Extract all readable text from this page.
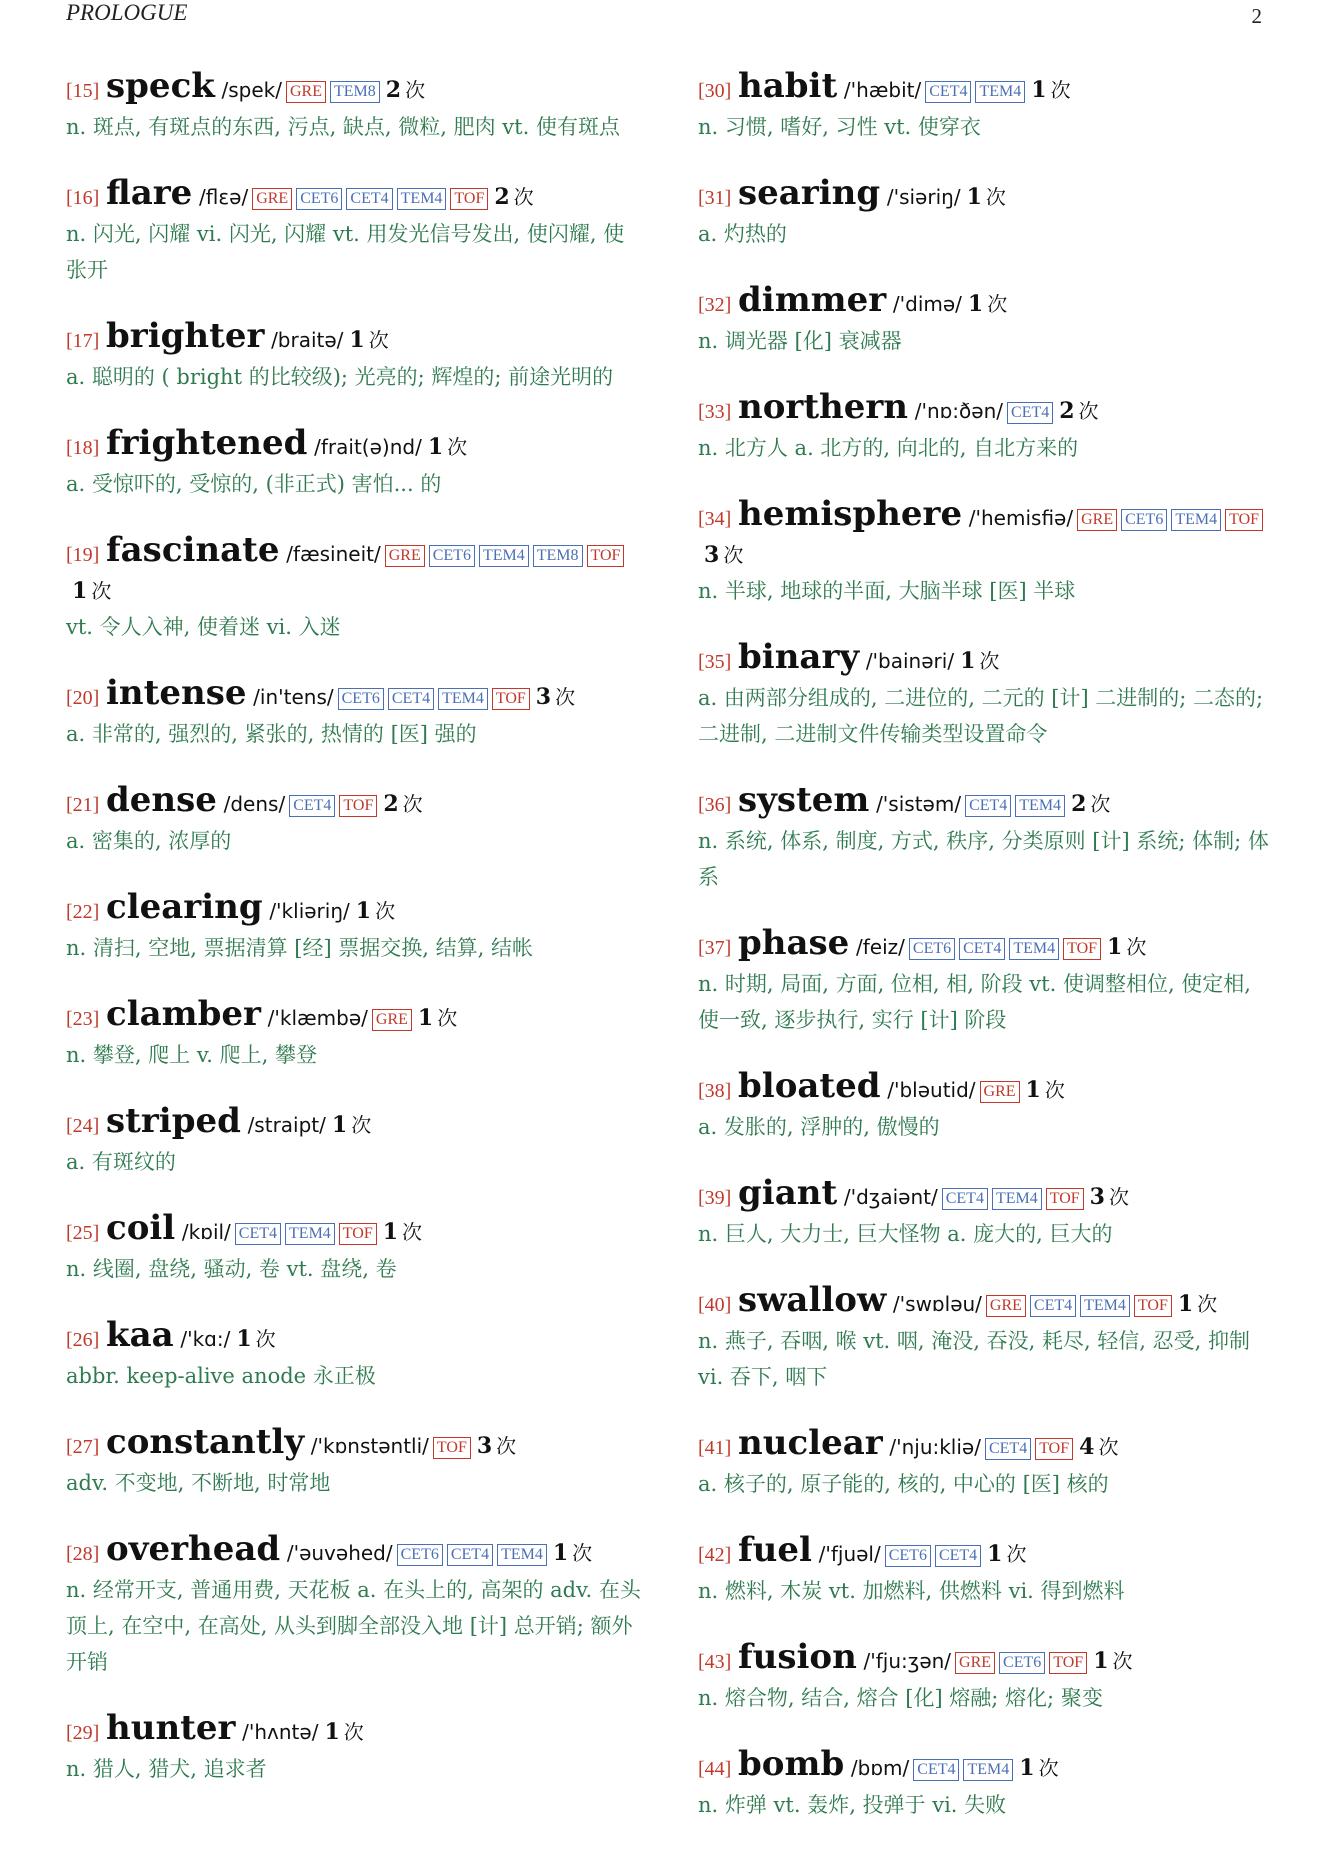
PROLOGUE	2
[15] speck /spek/ GRE TEM8 2 次
n. 斑点, 有斑点的东西, 污点, 缺点, 微粒, 肥肉 vt. 使有斑点
[16] flare /flεə/ GRE CET6 CET4 TEM4 TOF 2 次
n. 闪光, 闪耀 vi. 闪光, 闪耀 vt. 用发光信号发出, 使闪耀, 使张开
[17] brighter /braitə/ 1 次
a. 聪明的 ( bright 的比较级); 光亮的; 辉煌的; 前途光明的
[18] frightened /frait(ə)nd/ 1 次
a. 受惊吓的, 受惊的, (非正式) 害怕... 的
[19] fascinate /fæsineit/ GRE CET6 TEM4 TEM8 TOF1 次
vt. 令人入神, 使着迷 vi. 入迷
[20] intense /in'tens/ CET6 CET4 TEM4 TOF 3 次
a. 非常的, 强烈的, 紧张的, 热情的 [医] 强的
[21] dense /dens/ CET4 TOF 2 次
a. 密集的, 浓厚的
[22] clearing /'kliəriŋ/ 1 次
n. 清扫, 空地, 票据清算 [经] 票据交换, 结算, 结帐
[23] clamber /'klæmbə/ GRE 1 次
n. 攀登, 爬上 v. 爬上, 攀登
[24] striped /straipt/ 1 次
a. 有斑纹的
[25] coil /kɒil/ CET4 TEM4 TOF 1 次
n. 线圈, 盘绕, 骚动, 卷 vt. 盘绕, 卷
[26] kaa /'kɑ:/ 1 次
abbr. keep-alive anode 永正极
[27] constantly /'kɒnstəntli/ TOF 3 次
adv. 不变地, 不断地, 时常地
[28] overhead /'əuvəhed/ CET6 CET4 TEM4 1 次
n. 经常开支, 普通用费, 天花板 a. 在头上的, 高架的 adv. 在头顶上, 在空中, 在高处, 从头到脚全部没入地 [计] 总开销; 额外开销
[29] hunter /'hʌntə/ 1 次
n. 猎人, 猎犬, 追求者
[30] habit /'hæbit/ CET4 TEM4 1 次
n. 习惯, 嗜好, 习性 vt. 使穿衣
[31] searing /'siəriŋ/ 1 次
a. 灼热的
[32] dimmer /'dimə/ 1 次
n. 调光器 [化] 衰减器
[33] northern /'nɒ:ðən/ CET4 2 次
n. 北方人 a. 北方的, 向北的, 自北方来的
[34] hemisphere /'hemisfiə/ GRE CET6 TEM4 TOF3 次
n. 半球, 地球的半面, 大脑半球 [医] 半球
[35] binary /'bainəri/ 1 次
a. 由两部分组成的, 二进位的, 二元的 [计] 二进制的; 二态的; 二进制, 二进制文件传输类型设置命令
[36] system /'sistəm/ CET4 TEM4 2 次
n. 系统, 体系, 制度, 方式, 秩序, 分类原则 [计] 系统; 体制; 体系
[37] phase /feiz/ CET6 CET4 TEM4 TOF 1 次
n. 时期, 局面, 方面, 位相, 相, 阶段 vt. 使调整相位, 使定相, 使一致, 逐步执行, 实行 [计] 阶段
[38] bloated /'bləutid/ GRE 1 次
a. 发胀的, 浮肿的, 傲慢的
[39] giant /'dʒaiənt/ CET4 TEM4 TOF 3 次
n. 巨人, 大力士, 巨大怪物 a. 庞大的, 巨大的
[40] swallow /'swɒləu/ GRE CET4 TEM4 TOF 1 次
n. 燕子, 吞咽, 喉 vt. 咽, 淹没, 吞没, 耗尽, 轻信, 忍受, 抑制 vi. 吞下, 咽下
[41] nuclear /'nju:kliə/ CET4 TOF 4 次
a. 核子的, 原子能的, 核的, 中心的 [医] 核的
[42] fuel /'fjuəl/ CET6 CET4 1 次
n. 燃料, 木炭 vt. 加燃料, 供燃料 vi. 得到燃料
[43] fusion /'fju:ʒən/ GRE CET6 TOF 1 次
n. 熔合物, 结合, 熔合 [化] 熔融; 熔化; 聚变
[44] bomb /bɒm/ CET4 TEM4 1 次
n. 炸弹 vt. 轰炸, 投弹于 vi. 失败
